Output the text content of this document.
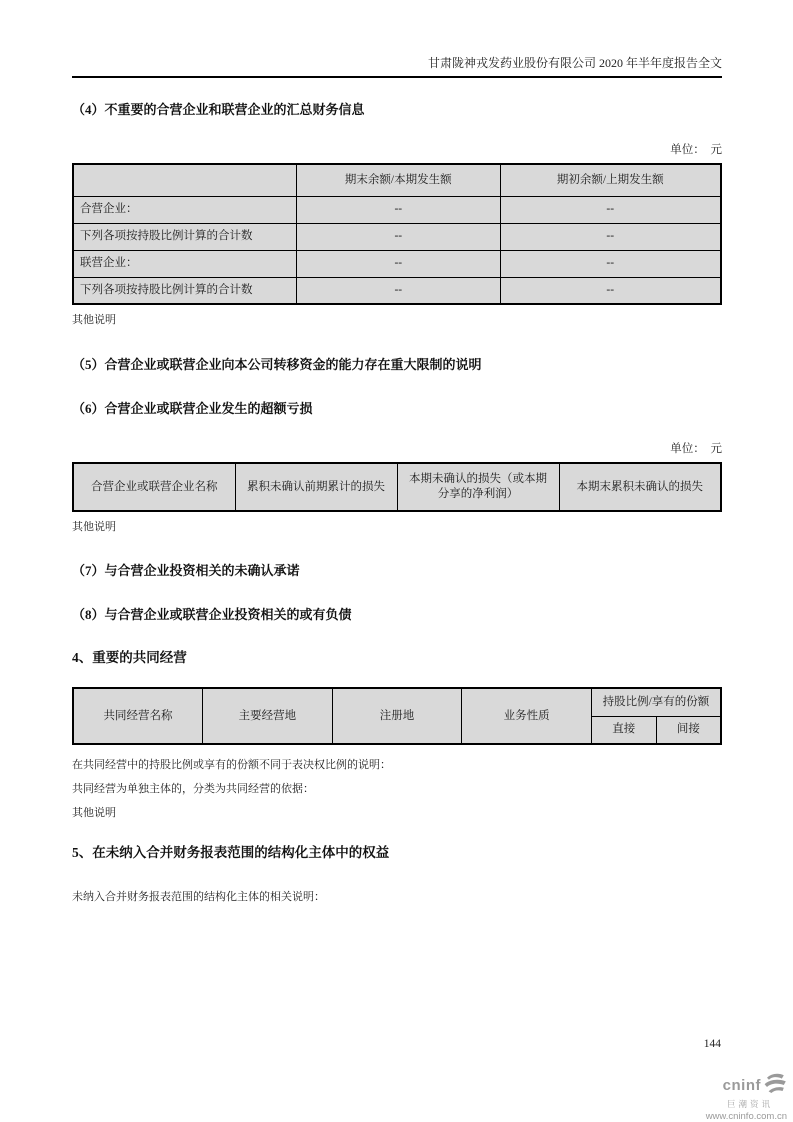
甘肃陇神戎发药业股份有限公司 2020 年半年度报告全文
（4）不重要的合营企业和联营企业的汇总财务信息
单位：　元
	期末余额/本期发生额	期初余额/上期发生额
合营企业：	--	--
下列各项按持股比例计算的合计数	--	--
联营企业：	--	--
下列各项按持股比例计算的合计数	--	--
其他说明
（5）合营企业或联营企业向本公司转移资金的能力存在重大限制的说明
（6）合营企业或联营企业发生的超额亏损
单位：　元
合营企业或联营企业名称	累积未确认前期累计的损失	本期未确认的损失（或本期分享的净利润）	本期末累积未确认的损失
其他说明
（7）与合营企业投资相关的未确认承诺
（8）与合营企业或联营企业投资相关的或有负债
4、重要的共同经营
共同经营名称	主要经营地	注册地	业务性质	持股比例/享有的份额	
				直接	间接
在共同经营中的持股比例或享有的份额不同于表决权比例的说明：
共同经营为单独主体的，分类为共同经营的依据：
其他说明
5、在未纳入合并财务报表范围的结构化主体中的权益
未纳入合并财务报表范围的结构化主体的相关说明：
144
cninf
巨潮资讯
www.cninfo.com.cn
